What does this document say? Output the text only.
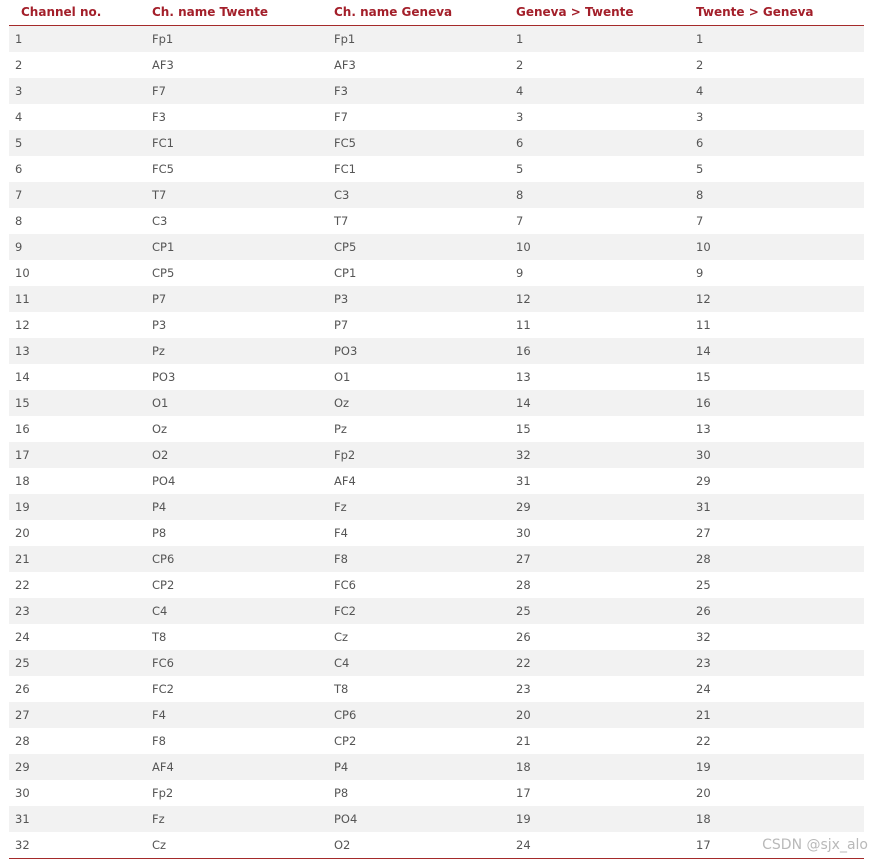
Channel no.	Ch. name Twente	Ch. name Geneva	Geneva > Twente	Twente > Geneva
1	Fp1	Fp1	1	1
2	AF3	AF3	2	2
3	F7	F3	4	4
4	F3	F7	3	3
5	FC1	FC5	6	6
6	FC5	FC1	5	5
7	T7	C3	8	8
8	C3	T7	7	7
9	CP1	CP5	10	10
10	CP5	CP1	9	9
11	P7	P3	12	12
12	P3	P7	11	11
13	Pz	PO3	16	14
14	PO3	O1	13	15
15	O1	Oz	14	16
16	Oz	Pz	15	13
17	O2	Fp2	32	30
18	PO4	AF4	31	29
19	P4	Fz	29	31
20	P8	F4	30	27
21	CP6	F8	27	28
22	CP2	FC6	28	25
23	C4	FC2	25	26
24	T8	Cz	26	32
25	FC6	C4	22	23
26	FC2	T8	23	24
27	F4	CP6	20	21
28	F8	CP2	21	22
29	AF4	P4	18	19
30	Fp2	P8	17	20
31	Fz	PO4	19	18
32	Cz	O2	24	17	CSDN @sjx_alo
